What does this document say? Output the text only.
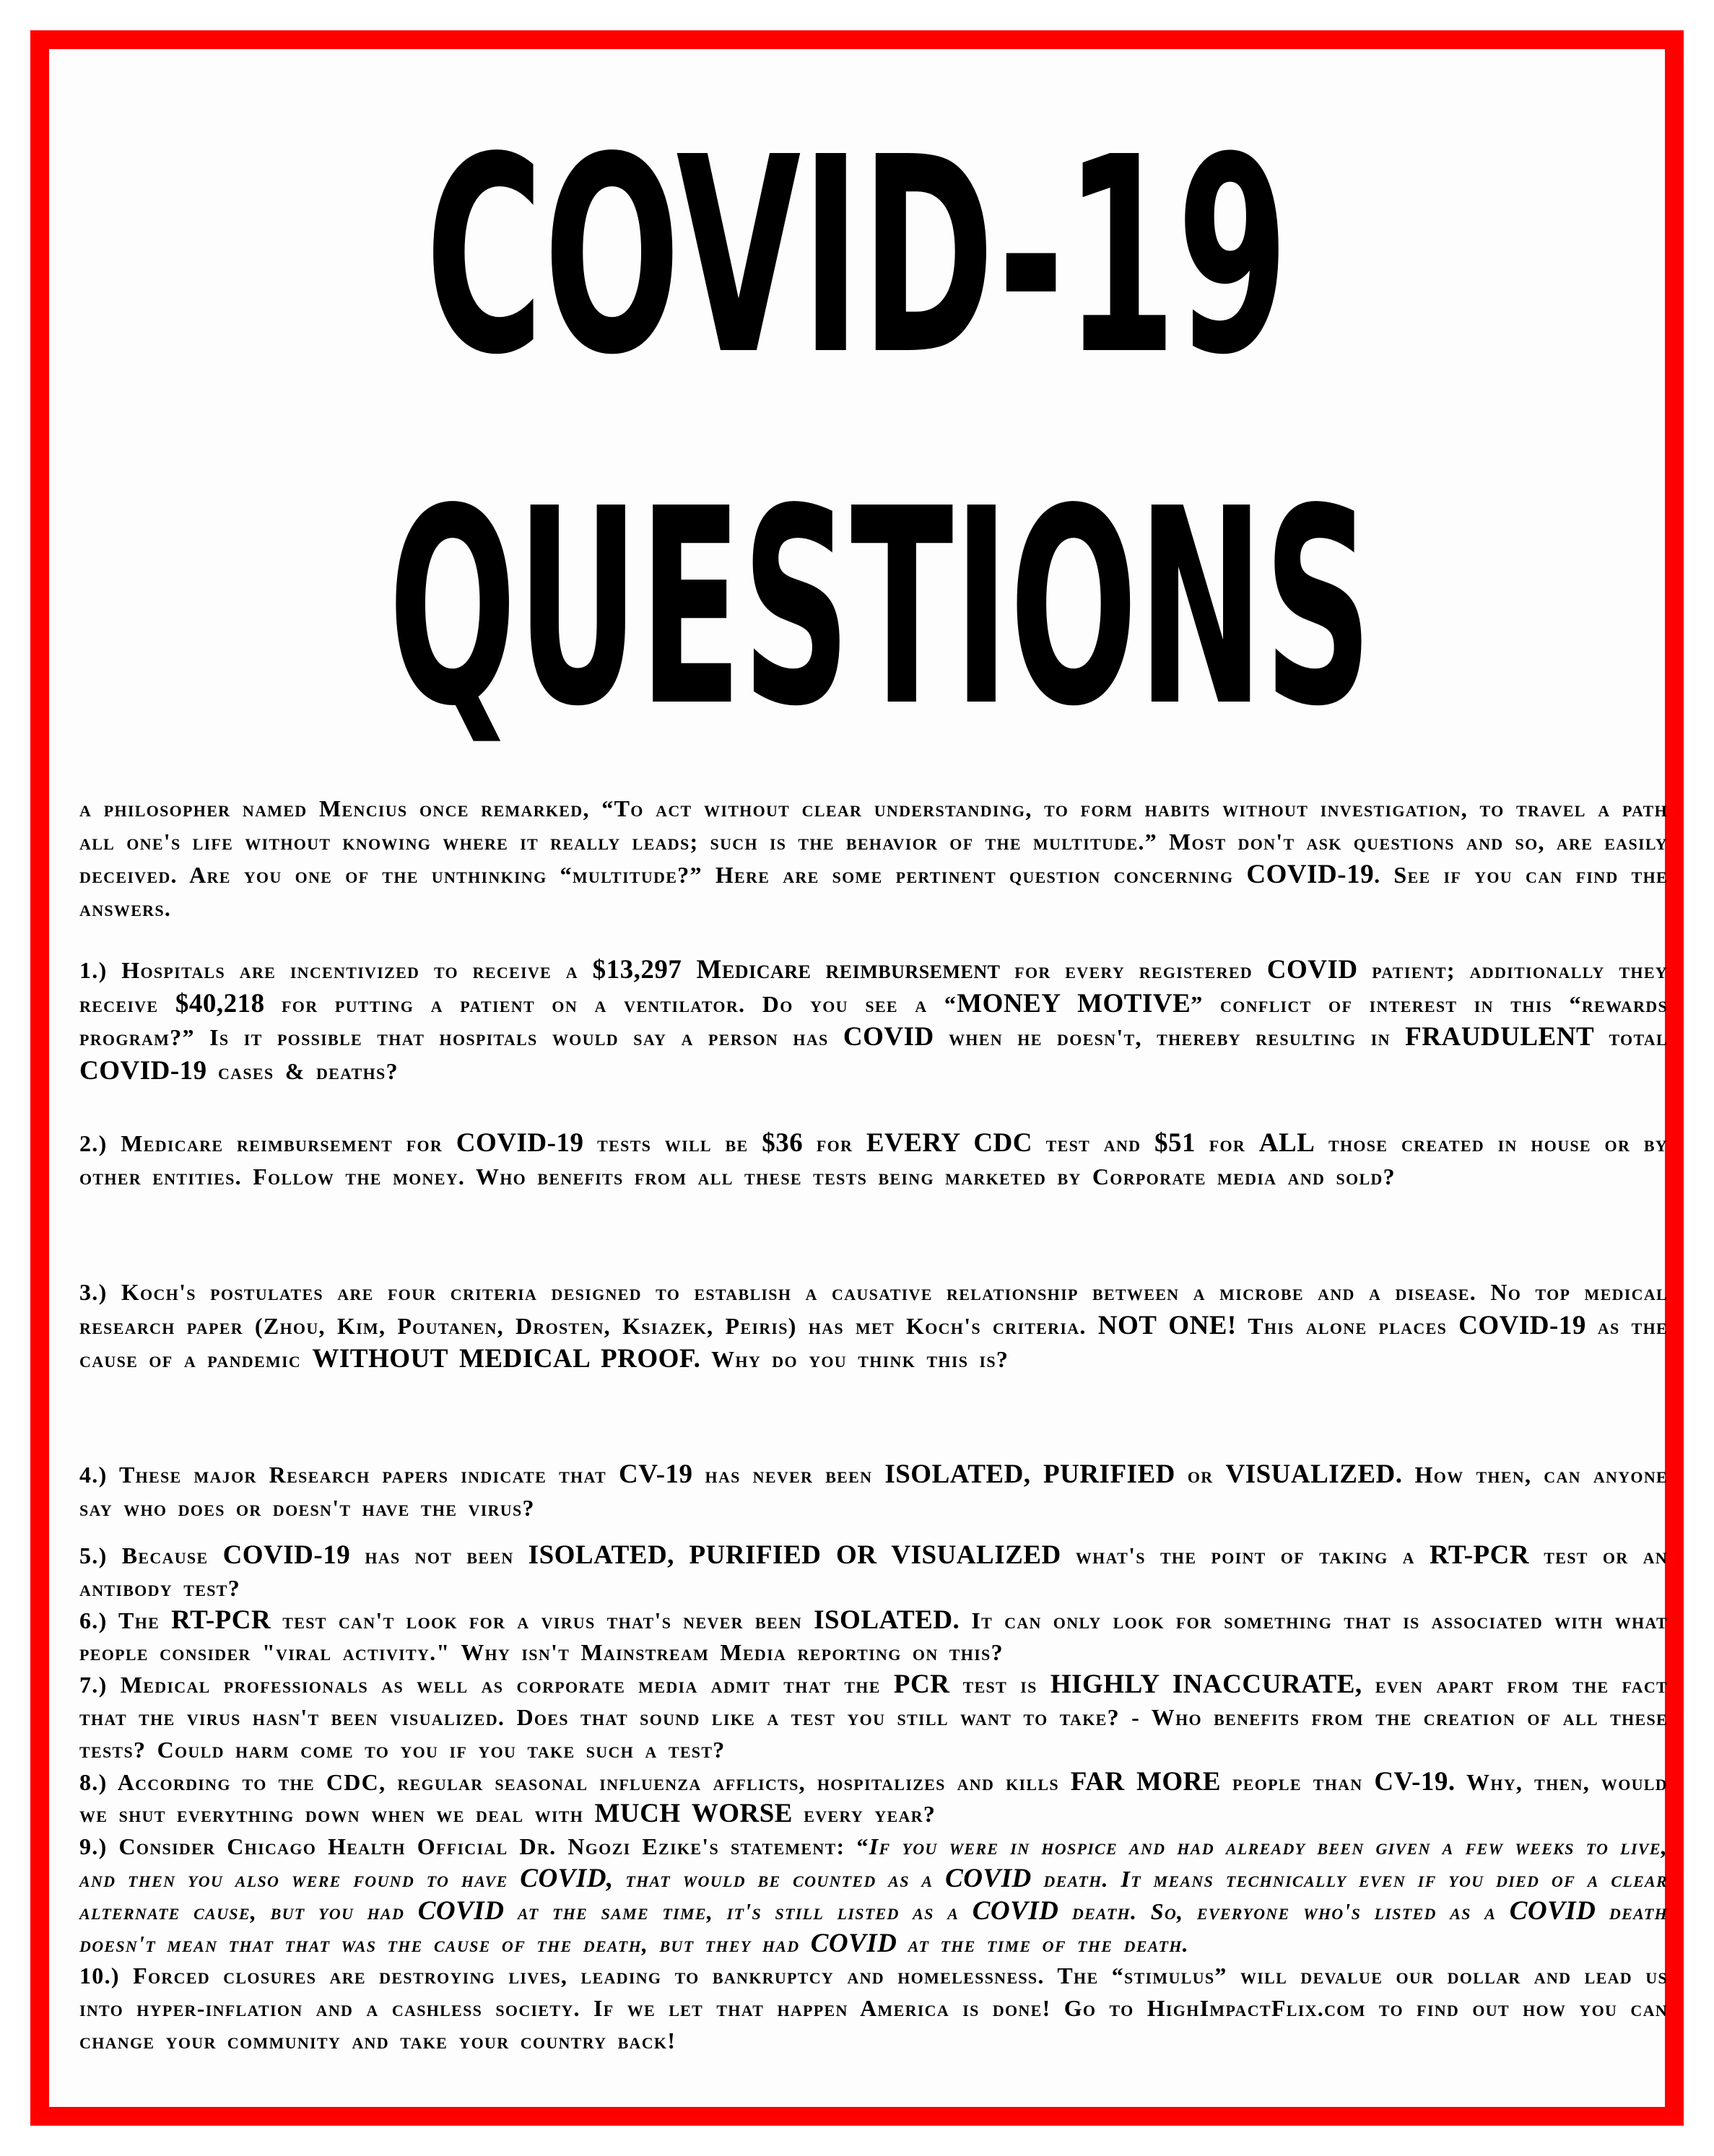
COVID-19
QUESTIONS

a philosopher named Mencius once remarked, “To act without clear understanding, to form habits without investigation, to travel a path all one's life without knowing where it really leads; such is the behavior of the multitude.” Most don't ask questions and so, are easily deceived. Are you one of the unthinking “multitude?” Here are some pertinent question concerning COVID-19. See if you can find the answers.

1.) Hospitals are incentivized to receive a $13,297 Medicare reimbursement for every registered COVID patient; additionally they receive $40,218 for putting a patient on a ventilator. Do you see a “MONEY MOTIVE” conflict of interest in this “rewards program?” Is it possible that hospitals would say a person has COVID when he doesn't, thereby resulting in FRAUDULENT total COVID-19 cases & deaths?

2.) Medicare reimbursement for COVID-19 tests will be $36 for EVERY CDC test and $51 for ALL those created in house or by other entities. Follow the money. Who benefits from all these tests being marketed by Corporate media and sold?

3.) Koch's postulates are four criteria designed to establish a causative relationship between a microbe and a disease. No top medical research paper (Zhou, Kim, Poutanen, Drosten, Ksiazek, Peiris) has met Koch's criteria. NOT ONE! This alone places COVID-19 as the cause of a pandemic WITHOUT MEDICAL PROOF. Why do you think this is?

4.) These major Research papers indicate that CV-19 has never been ISOLATED, PURIFIED or VISUALIZED. How then, can anyone say who does or doesn't have the virus?

5.) Because COVID-19 has not been ISOLATED, PURIFIED OR VISUALIZED what's the point of taking a RT-PCR test or an antibody test?

6.) The RT-PCR test can't look for a virus that's never been ISOLATED. It can only look for something that is associated with what people consider "viral activity." Why isn't Mainstream Media reporting on this?

7.) Medical professionals as well as corporate media admit that the PCR test is HIGHLY INACCURATE, even apart from the fact that the virus hasn't been visualized. Does that sound like a test you still want to take? - Who benefits from the creation of all these tests? Could harm come to you if you take such a test?

8.) According to the CDC, regular seasonal influenza afflicts, hospitalizes and kills FAR MORE people than CV-19. Why, then, would we shut everything down when we deal with MUCH WORSE every year?

9.) Consider Chicago Health Official Dr. Ngozi Ezike's statement: “If you were in hospice and had already been given a few weeks to live, and then you also were found to have COVID, that would be counted as a COVID death. It means technically even if you died of a clear alternate cause, but you had COVID at the same time, it's still listed as a COVID death. So, everyone who's listed as a COVID death doesn't mean that that was the cause of the death, but they had COVID at the time of the death.

10.) Forced closures are destroying lives, leading to bankruptcy and homelessness. The “stimulus” will devalue our dollar and lead us into hyper-inflation and a cashless society. If we let that happen America is done! Go to HighImpactFlix.com to find out how you can change your community and take your country back!
